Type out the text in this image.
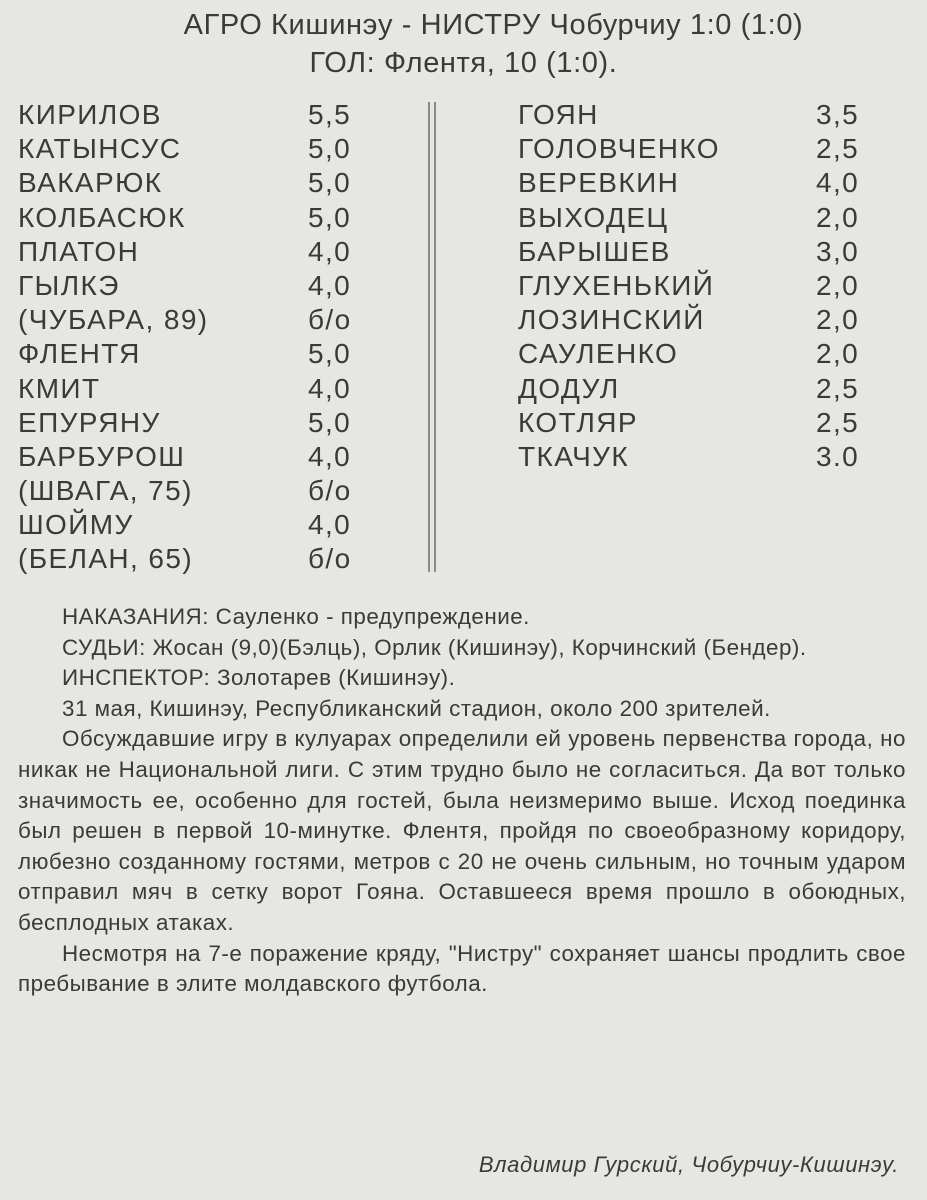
АГРО Кишинэу - НИСТРУ Чобурчиу 1:0 (1:0)
ГОЛ: Флентя, 10 (1:0).
КИРИЛОВ	5,5
КАТЫНСУС	5,0
ВАКАРЮК	5,0
КОЛБАСЮК	5,0
ПЛАТОН	4,0
ГЫЛКЭ	4,0
(ЧУБАРА, 89)	б/о
ФЛЕНТЯ	5,0
КМИТ	4,0
ЕПУРЯНУ	5,0
БАРБУРОШ	4,0
(ШВАГА, 75)	б/о
ШОЙМУ	4,0
(БЕЛАН, 65)	б/о
ГОЯН	3,5
ГОЛОВЧЕНКО	2,5
ВЕРЕВКИН	4,0
ВЫХОДЕЦ	2,0
БАРЫШЕВ	3,0
ГЛУХЕНЬКИЙ	2,0
ЛОЗИНСКИЙ	2,0
САУЛЕНКО	2,0
ДОДУЛ	2,5
КОТЛЯР	2,5
ТКАЧУК	3.0

НАКАЗАНИЯ: Сауленко - предупреждение.

СУДЬИ: Жосан (9,0)(Бэлць), Орлик (Кишинэу), Корчинский (Бендер).

ИНСПЕКТОР: Золотарев (Кишинэу).

31 мая, Кишинэу, Республиканский стадион, около 200 зрителей.

Обсуждавшие игру в кулуарах определили ей уровень первенства города, но никак не Национальной лиги. С этим трудно было не согласиться. Да вот только значимость ее, особенно для гостей, была неизмеримо выше. Исход поединка был решен в первой 10-минутке. Флентя, пройдя по своеобразному коридору, любезно созданному гостями, метров с 20 не очень сильным, но точным ударом отправил мяч в сетку ворот Гояна. Оставшееся время прошло в обоюдных, бесплодных атаках.

Несмотря на 7-е поражение кряду, "Нистру" сохраняет шансы продлить свое пребывание в элите молдавского футбола.

Владимир Гурский, Чобурчиу-Кишинэу.
